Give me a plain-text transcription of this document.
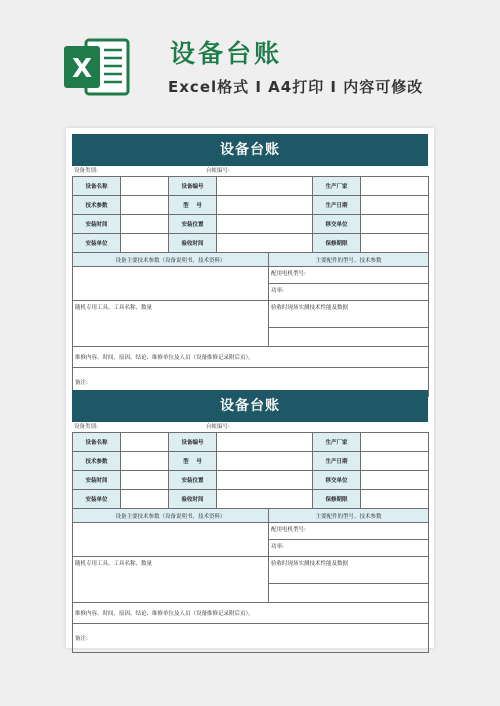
X
设备台账
Excel格式 Ⅰ A4打印 Ⅰ 内容可修改
设备台账
设备类别:	台帐编号:
设备名称		设备编号		生产厂家	
技术参数		型    号		生产日期	
安装时间		安装位置		移交单位	
安装单位		验收时间		保修期限	
设备主要技术参数（设备说明书、技术资料）	主要配件的型号、技术参数
	配用电机型号:
	功率:
随机专用工具、工具名称、数量	验收时现场实测技术性能及数据

维修内容、时间、原因、结论、维修单位及人员（设备维修记录附后页）。	
备注:	
设备台账
设备类别:	台帐编号:
设备名称		设备编号		生产厂家	
技术参数		型    号		生产日期	
安装时间		安装位置		移交单位	
安装单位		验收时间		保修期限	
设备主要技术参数（设备说明书、技术资料）	主要配件的型号、技术参数
	配用电机型号:
	功率:
随机专用工具、工具名称、数量	验收时现场实测技术性能及数据

维修内容、时间、原因、结论、维修单位及人员（设备维修记录附后页）。	
备注:	
